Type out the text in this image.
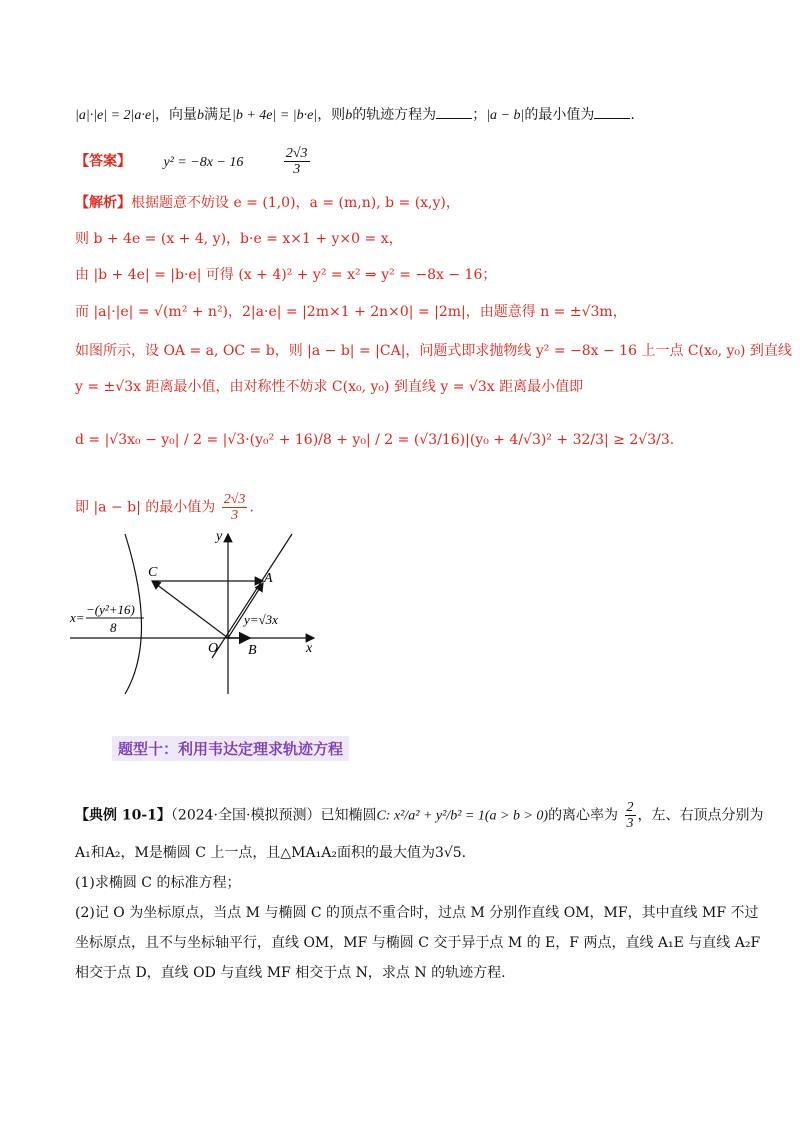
|a|·|e| = 2|a·e|，向量b满足|b + 4e| = |b·e|，则b的轨迹方程为	；|a − b|的最小值为	.
【答案】 y² = −8x − 16	$\frac{2√3}{3}$
【解析】根据题意不妨设 e = (1,0)，a = (m,n), b = (x,y)，
则 b + 4e = (x + 4, y)，b·e = x×1 + y×0 = x，
由 |b + 4e| = |b·e| 可得 (x + 4)² + y² = x² ⇒ y² = −8x − 16；
而 |a|·|e| = √(m² + n²)，2|a·e| = |2m×1 + 2n×0| = |2m|，由题意得 n = ±√3m，
如图所示，设 OA = a, OC = b，则 |a − b| = |CA|，问题式即求抛物线 y² = −8x − 16 上一点 C(x₀, y₀) 到直线
y = ±√3x 距离最小值，由对称性不妨求 C(x₀, y₀) 到直线 y = √3x 距离最小值即
d = |√3x₀ − y₀| / 2 = |√3·(y₀² + 16)/8 + y₀| / 2 = (√3/16)|(y₀ + 4/√3)² + 32/3| ≥ 2√3/3.
即 |a − b| 的最小值为 $\frac{2√3}{3}$ .
y
x
O
A
B
C
y=√3x
x=
−(y²+16)
8
题型十：利用韦达定理求轨迹方程
【典例 10-1】（2024·全国·模拟预测）已知椭圆C: x²/a² + y²/b² = 1(a > b > 0)的离心率为 $\frac{2}{3}$ ，左、右顶点分别为
A₁和A₂，M是椭圆 C 上一点，且△MA₁A₂面积的最大值为3√5.
(1)求椭圆 C 的标准方程；
(2)记 O 为坐标原点，当点 M 与椭圆 C 的顶点不重合时，过点 M 分别作直线 OM，MF，其中直线 MF 不过
坐标原点，且不与坐标轴平行，直线 OM，MF 与椭圆 C 交于异于点 M 的 E，F 两点，直线 A₁E 与直线 A₂F
相交于点 D，直线 OD 与直线 MF 相交于点 N，求点 N 的轨迹方程.
